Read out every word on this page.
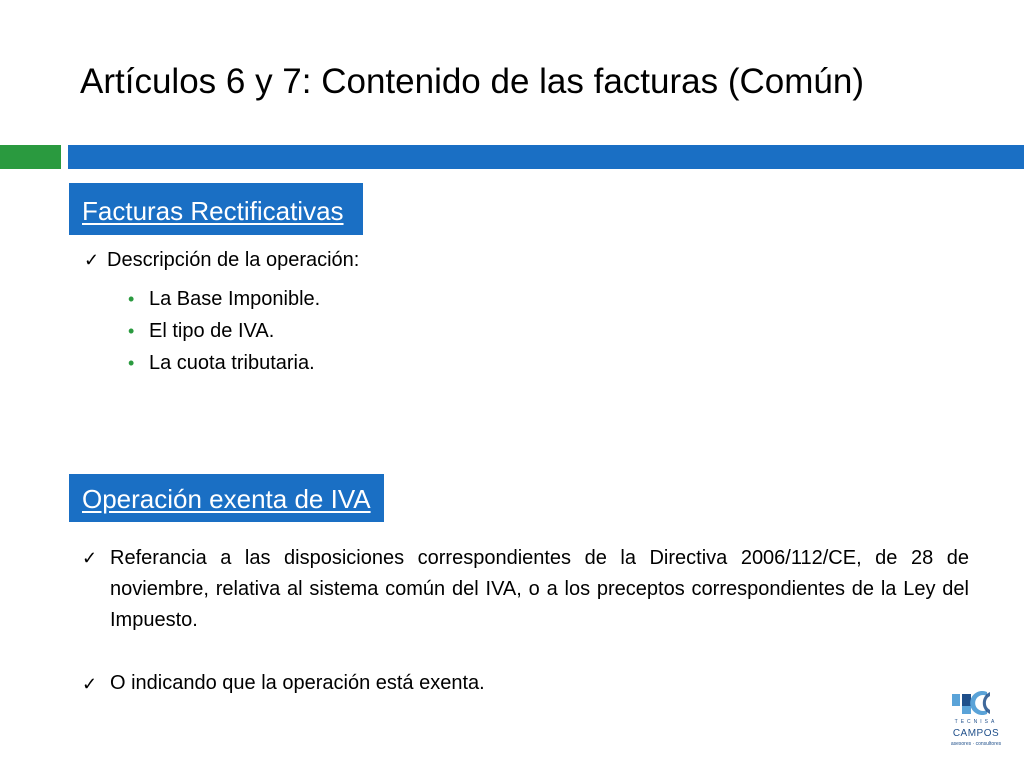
Artículos 6 y 7: Contenido de las facturas (Común)
Facturas Rectificativas
✓ Descripción de la operación:
• La Base Imponible.
• El tipo de IVA.
• La cuota tributaria.
Operación exenta de IVA
✓ Referancia a las disposiciones correspondientes de la Directiva 2006/112/CE, de 28 de noviembre, relativa al sistema común del IVA, o a los preceptos correspondientes de la Ley del Impuesto.

✓ O indicando que la operación está exenta.
TECNISA
CAMPOS
asesores · consultores
